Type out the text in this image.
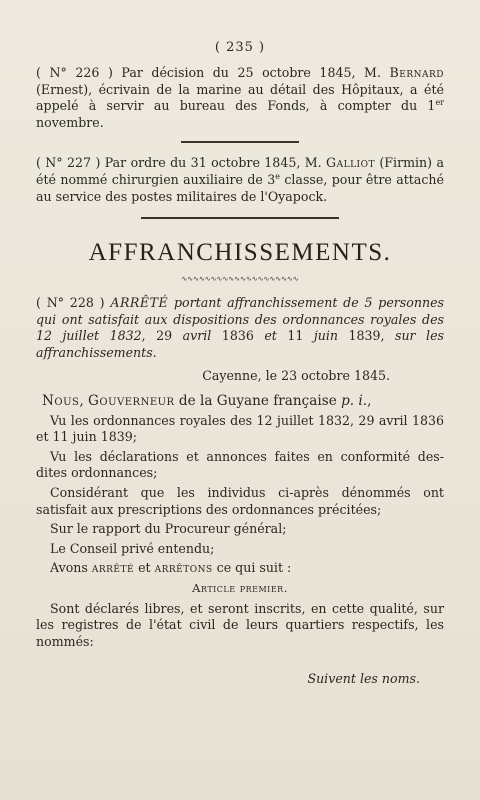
( 235 )

( N° 226 ) Par décision du 25 octobre 1845, M. Bernard (Ernest), écrivain de la marine au détail des Hôpitaux, a été appelé à servir au bureau des Fonds, à compter du 1er novembre.

( N° 227 ) Par ordre du 31 octobre 1845, M. Galliot (Firmin) a été nommé chirurgien auxiliaire de 3e classe, pour être attaché au service des postes militaires de l'Oyapock.

AFFRANCHISSEMENTS.
∿∿∿∿∿∿∿∿∿∿∿∿∿∿∿∿∿∿∿∿

( N° 228 ) ARRÊTÉ portant affranchissement de 5 personnes qui ont satisfait aux dispositions des ordonnances royales des 12 juillet 1832, 29 avril 1836 et 11 juin 1839, sur les affranchissements.

Cayenne, le 23 octobre 1845.
Nous, Gouverneur de la Guyane française p. i.,

Vu les ordonnances royales des 12 juillet 1832, 29 avril 1836 et 11 juin 1839;

Vu les déclarations et annonces faites en conformité des-dites ordonnances;

Considérant que les individus ci-après dénommés ont satisfait aux prescriptions des ordonnances précitées;

Sur le rapport du Procureur général;

Le Conseil privé entendu;

Avons arrêté et arrêtons ce qui suit :

Article premier.

Sont déclarés libres, et seront inscrits, en cette qualité, sur les registres de l'état civil de leurs quartiers respectifs, les nommés:

Suivent les noms.
